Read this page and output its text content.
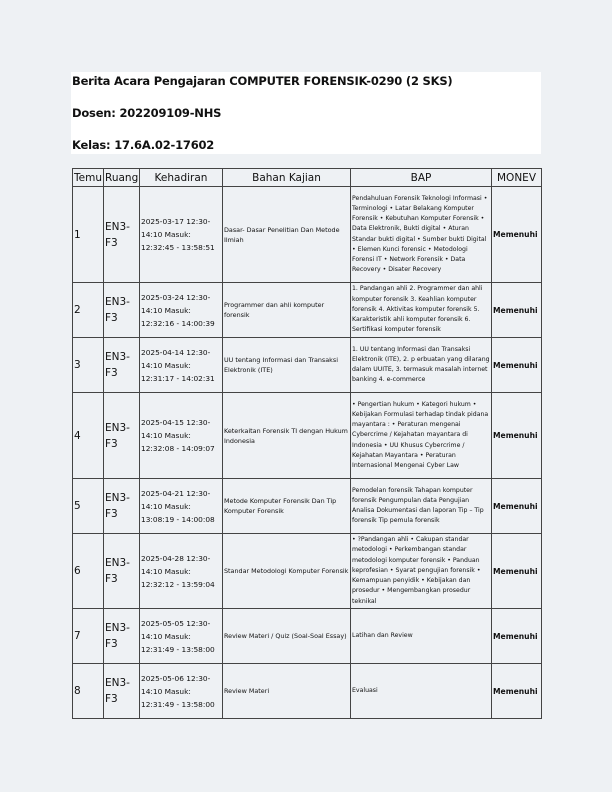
Berita Acara Pengajaran COMPUTER FORENSIK-0290 (2 SKS)
Dosen: 202209109-NHS
Kelas: 17.6A.02-17602
Temu	Ruang	Kehadiran	Bahan Kajian	BAP	MONEV
1	EN3-F3	2025-03-17 12:30-14:10 Masuk: 12:32:45 - 13:58:51	Dasar- Dasar Penelitian Dan Metode Ilmiah	Pendahuluan Forensik Teknologi Informasi • Terminologi • Latar Belakang Komputer Forensik • Kebutuhan Komputer Forensik • Data Elektronik, Bukti digital • Aturan Standar bukti digital • Sumber bukti Digital • Elemen Kunci forensic • Metodologi Forensi IT • Network Forensik • Data Recovery • Disater Recovery	Memenuhi
2	EN3-F3	2025-03-24 12:30-14:10 Masuk: 12:32:16 - 14:00:39	Programmer dan ahli komputer forensik	1. Pandangan ahli 2. Programmer dan ahli komputer forensik 3. Keahlian komputer forensik 4. Aktivitas komputer forensik 5. Karakteristik ahli komputer forensik 6. Sertifikasi komputer forensik	Memenuhi
3	EN3-F3	2025-04-14 12:30-14:10 Masuk: 12:31:17 - 14:02:31	UU tentang Informasi dan Transaksi Elektronik (ITE)	1. UU tentang Informasi dan Transaksi Elektronik (ITE), 2. p erbuatan yang dilarang dalam UUITE, 3. termasuk masalah internet banking 4. e-commerce	Memenuhi
4	EN3-F3	2025-04-15 12:30-14:10 Masuk: 12:32:08 - 14:09:07	Keterkaitan Forensik TI dengan Hukum Indonesia	• Pengertian hukum • Kategori hukum • Kebijakan Formulasi terhadap tindak pidana mayantara : • Peraturan mengenai Cybercrime / Kejahatan mayantara di Indonesia • UU Khusus Cybercrime / Kejahatan Mayantara • Peraturan Internasional Mengenai Cyber Law	Memenuhi
5	EN3-F3	2025-04-21 12:30-14:10 Masuk: 13:08:19 - 14:00:08	Metode Komputer Forensik Dan Tip Komputer Forensik	Pemodelan forensik Tahapan komputer forensik Pengumpulan data Pengujian Analisa Dokumentasi dan laporan Tip – Tip forensik Tip pemula forensik	Memenuhi
6	EN3-F3	2025-04-28 12:30-14:10 Masuk: 12:32:12 - 13:59:04	Standar Metodologi Komputer Forensik	• ?Pandangan ahli • Cakupan standar metodologi • Perkembangan standar metodologi komputer forensik • Panduan keprofesian • Syarat pengujian forensik • Kemampuan penyidik • Kebijakan dan prosedur • Mengembangkan prosedur teknikal	Memenuhi
7	EN3-F3	2025-05-05 12:30-14:10 Masuk: 12:31:49 - 13:58:00	Review Materi / Quiz (Soal-Soal Essay)	Latihan dan Review	Memenuhi
8	EN3-F3	2025-05-06 12:30-14:10 Masuk: 12:31:49 - 13:58:00	Review Materi	Evaluasi	Memenuhi
